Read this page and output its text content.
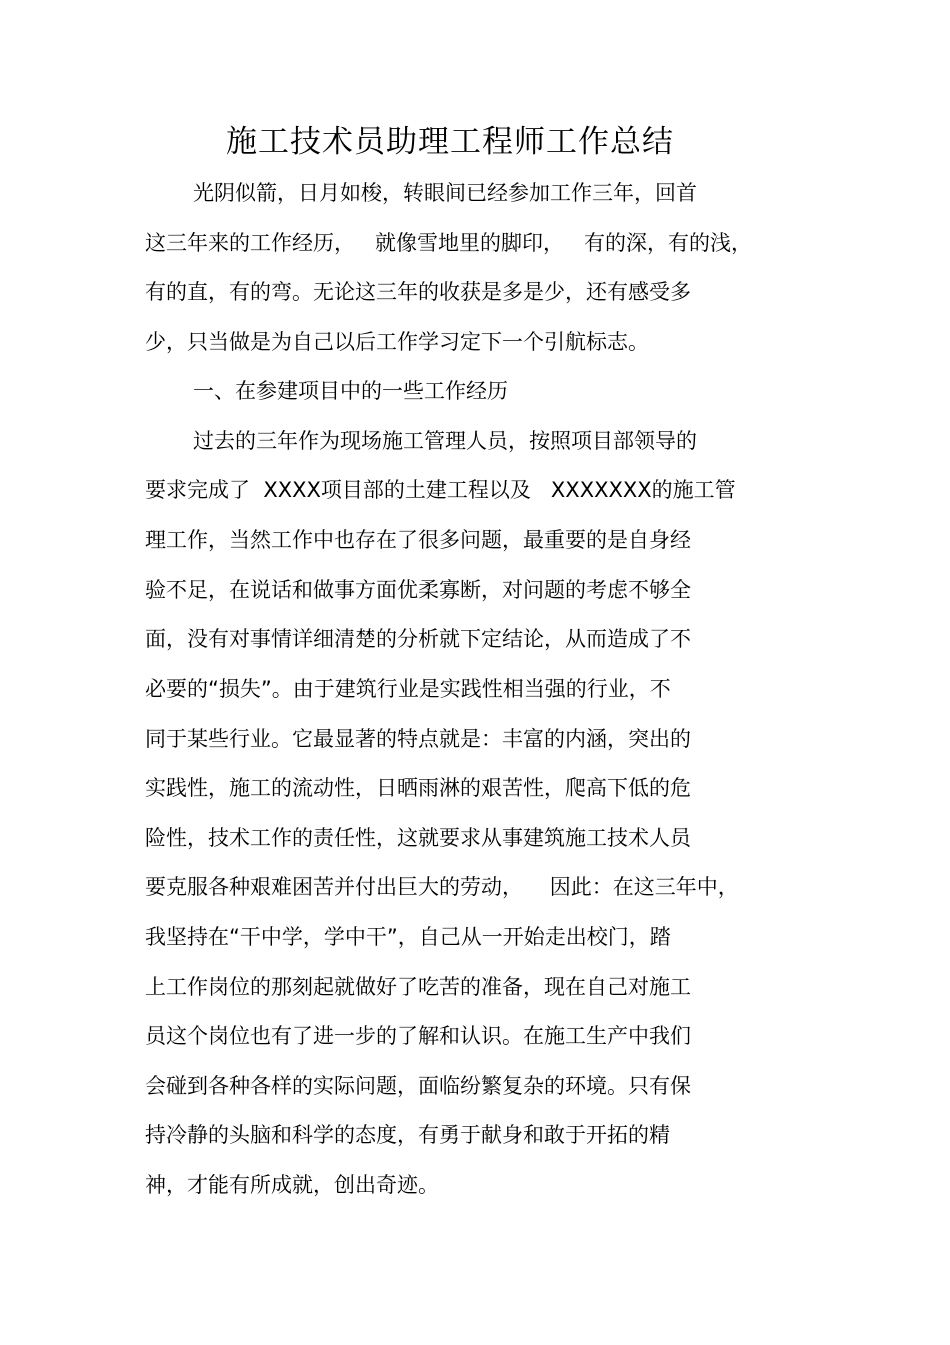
施工技术员助理工程师工作总结
光阴似箭，日月如梭，转眼间已经参加工作三年，回首
这三年来的工作经历，   就像雪地里的脚印，   有的深，有的浅，
有的直，有的弯。无论这三年的收获是多是少，还有感受多
少，只当做是为自己以后工作学习定下一个引航标志。
一、在参建项目中的一些工作经历
过去的三年作为现场施工管理人员，按照项目部领导的
要求完成了  XXXX项目部的土建工程以及   XXXXXXX的施工管
理工作，当然工作中也存在了很多问题，最重要的是自身经
验不足，在说话和做事方面优柔寡断，对问题的考虑不够全
面，没有对事情详细清楚的分析就下定结论，从而造成了不
必要的“损失”。由于建筑行业是实践性相当强的行业，不
同于某些行业。它最显著的特点就是：丰富的内涵，突出的
实践性，施工的流动性，日晒雨淋的艰苦性，爬高下低的危
险性，技术工作的责任性，这就要求从事建筑施工技术人员
要克服各种艰难困苦并付出巨大的劳动，    因此：在这三年中，
我坚持在“干中学，学中干”，自己从一开始走出校门，踏
上工作岗位的那刻起就做好了吃苦的准备，现在自己对施工
员这个岗位也有了进一步的了解和认识。在施工生产中我们
会碰到各种各样的实际问题，面临纷繁复杂的环境。只有保
持冷静的头脑和科学的态度，有勇于献身和敢于开拓的精
神，才能有所成就，创出奇迹。
